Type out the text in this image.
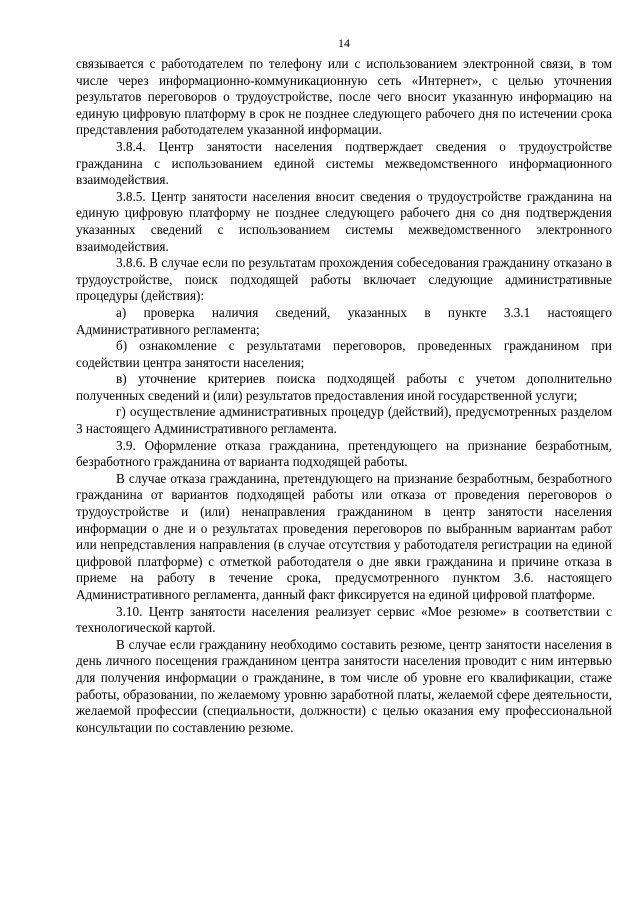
14

связывается с работодателем по телефону или с использованием электронной связи, в том числе через информационно-коммуникационную сеть «Интернет», с целью уточнения результатов переговоров о трудоустройстве, после чего вносит указанную информацию на единую цифровую платформу в срок не позднее следующего рабочего дня по истечении срока представления работодателем указанной информации.

3.8.4. Центр занятости населения подтверждает сведения о трудоустройстве гражданина с использованием единой системы межведомственного информационного взаимодействия.

3.8.5. Центр занятости населения вносит сведения о трудоустройстве гражданина на единую цифровую платформу не позднее следующего рабочего дня со дня подтверждения указанных сведений с использованием системы межведомственного электронного взаимодействия.

3.8.6. В случае если по результатам прохождения собеседования гражданину отказано в трудоустройстве, поиск подходящей работы включает следующие административные процедуры (действия):

а) проверка наличия сведений, указанных в пункте 3.3.1 настоящего Административного регламента;

б) ознакомление с результатами переговоров, проведенных гражданином при содействии центра занятости населения;

в) уточнение критериев поиска подходящей работы с учетом дополнительно полученных сведений и (или) результатов предоставления иной государственной услуги;

г) осуществление административных процедур (действий), предусмотренных разделом 3 настоящего Административного регламента.

3.9. Оформление отказа гражданина, претендующего на признание безработным, безработного гражданина от варианта подходящей работы.

В случае отказа гражданина, претендующего на признание безработным, безработного гражданина от вариантов подходящей работы или отказа от проведения переговоров о трудоустройстве и (или) ненаправления гражданином в центр занятости населения информации о дне и о результатах проведения переговоров по выбранным вариантам работ или непредставления направления (в случае отсутствия у работодателя регистрации на единой цифровой платформе) с отметкой работодателя о дне явки гражданина и причине отказа в приеме на работу в течение срока, предусмотренного пунктом 3.6. настоящего Административного регламента, данный факт фиксируется на единой цифровой платформе.

3.10. Центр занятости населения реализует сервис «Мое резюме» в соответствии с технологической картой.

В случае если гражданину необходимо составить резюме, центр занятости населения в день личного посещения гражданином центра занятости населения проводит с ним интервью для получения информации о гражданине, в том числе об уровне его квалификации, стаже работы, образовании, по желаемому уровню заработной платы, желаемой сфере деятельности, желаемой профессии (специальности, должности) с целью оказания ему профессиональной консультации по составлению резюме.
